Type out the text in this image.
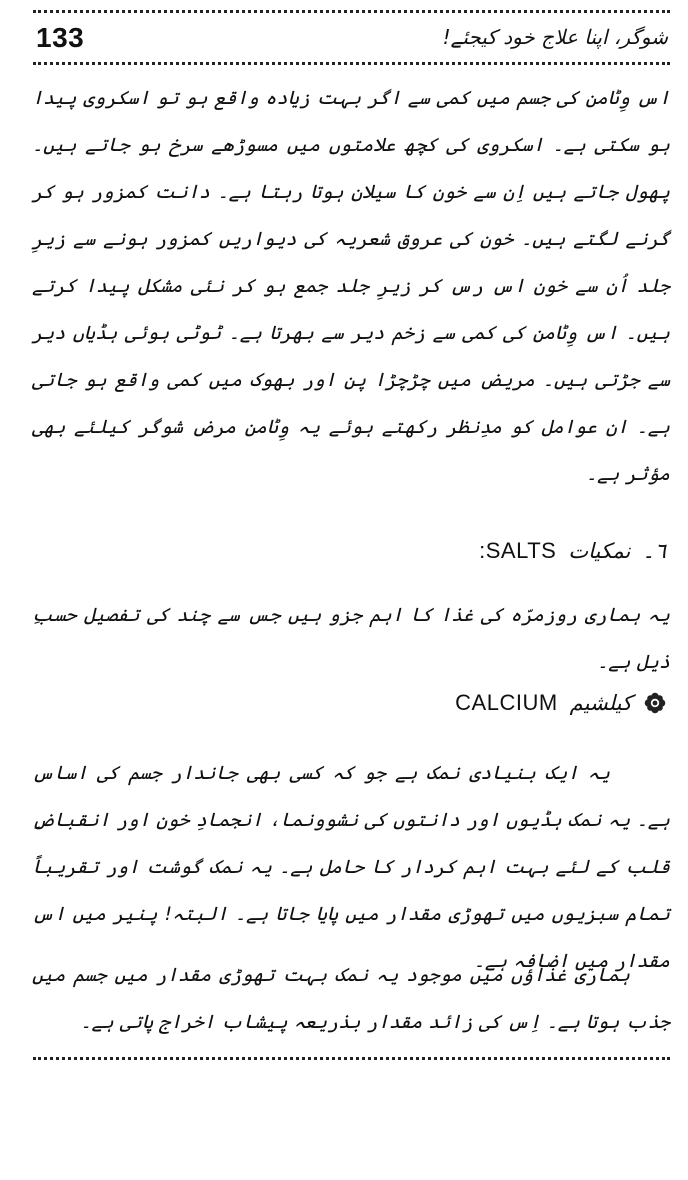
133	شوگر، اپنا علاج خود کیجئے!

اس وِٹامن کی جسم میں کمی سے اگر بہت زیادہ واقع ہو تو اسکروی پیدا ہو سکتی ہے۔ اسکروی کی کچھ علامتوں میں مسوڑھے سرخ ہو جاتے ہیں۔ پھول جاتے ہیں اِن سے خون کا سیلان ہوتا رہتا ہے۔ دانت کمزور ہو کر گرنے لگتے ہیں۔ خون کی عروق شعریہ کی دیواریں کمزور ہونے سے زیرِ جلد اُن سے خون اس رس کر زیرِ جلد جمع ہو کر نئی مشکل پیدا کرتے ہیں۔ اس وِٹامن کی کمی سے زخم دیر سے بھرتا ہے۔ ٹوٹی ہوئی ہڈیاں دیر سے جڑتی ہیں۔ مریض میں چڑچڑا پن اور بھوک میں کمی واقع ہو جاتی ہے۔ ان عوامل کو مدِنظر رکھتے ہوئے یہ وِٹامن مرض شوگر کیلئے بھی مؤثر ہے۔

٦۔
نمکیات
SALTS:

یہ ہماری روزمرّہ کی غذا کا اہم جزو ہیں جس سے چند کی تفصیل حسبِ ذیل ہے۔

کیلشیم
CALCIUM

یہ ایک بنیادی نمک ہے جو کہ کسی بھی جاندار جسم کی اساس ہے۔ یہ نمک ہڈیوں اور دانتوں کی نشوونما، انجمادِ خون اور انقباضِ قلب کے لئے بہت اہم کردار کا حامل ہے۔ یہ نمک گوشت اور تقریباً تمام سبزیوں میں تھوڑی مقدار میں پایا جاتا ہے۔ البتہ! پنیر میں اس مقدار میں اضافہ ہے۔

ہماری غذاؤں میں موجود یہ نمک بہت تھوڑی مقدار میں جسم میں جذب ہوتا ہے۔ اِس کی زائد مقدار بذریعہ پیشاب اخراج پاتی ہے۔
